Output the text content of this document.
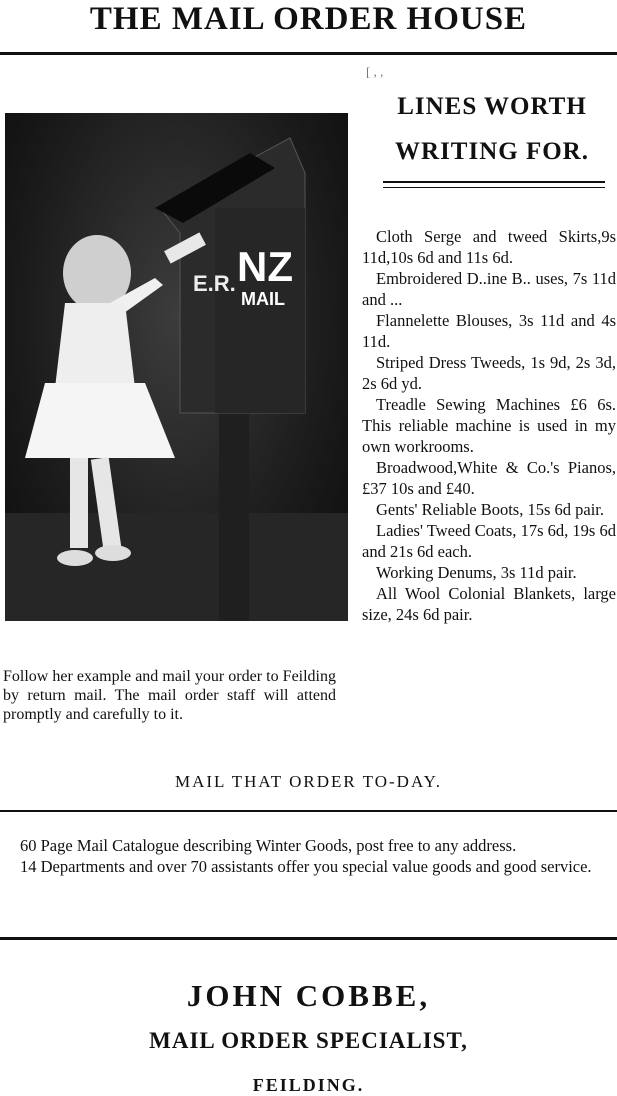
THE MAIL ORDER HOUSE
[ , ,
LINES WORTH
WRITING FOR.

Cloth Serge and tweed Skirts,9s 11d,10s 6d and 11s 6d.

Embroidered D..ine B.. uses, 7s 11d and ...

Flannelette Blouses, 3s 11d and 4s 11d.

Striped Dress Tweeds, 1s 9d, 2s 3d, 2s 6d yd.

Treadle Sewing Machines £6 6s. This reliable machine is used in my own workrooms.

Broadwood,White & Co.'s Pianos, £37 10s and £40.

Gents' Reliable Boots, 15s 6d pair.

Ladies' Tweed Coats, 17s 6d, 19s 6d and 21s 6d each.

Working Denums, 3s 11d pair.

All Wool Colonial Blankets, large size, 24s 6d pair.

E.R. NZ
MAIL
Follow her example and mail your order to Feilding by return mail. The mail order staff will attend promptly and carefully to it.
MAIL THAT ORDER TO-DAY.

60 Page Mail Catalogue describing Winter Goods, post free to any address.

14 Departments and over 70 assistants offer you special value goods and good service.

JOHN COBBE,
MAIL ORDER SPECIALIST,
FEILDING.
